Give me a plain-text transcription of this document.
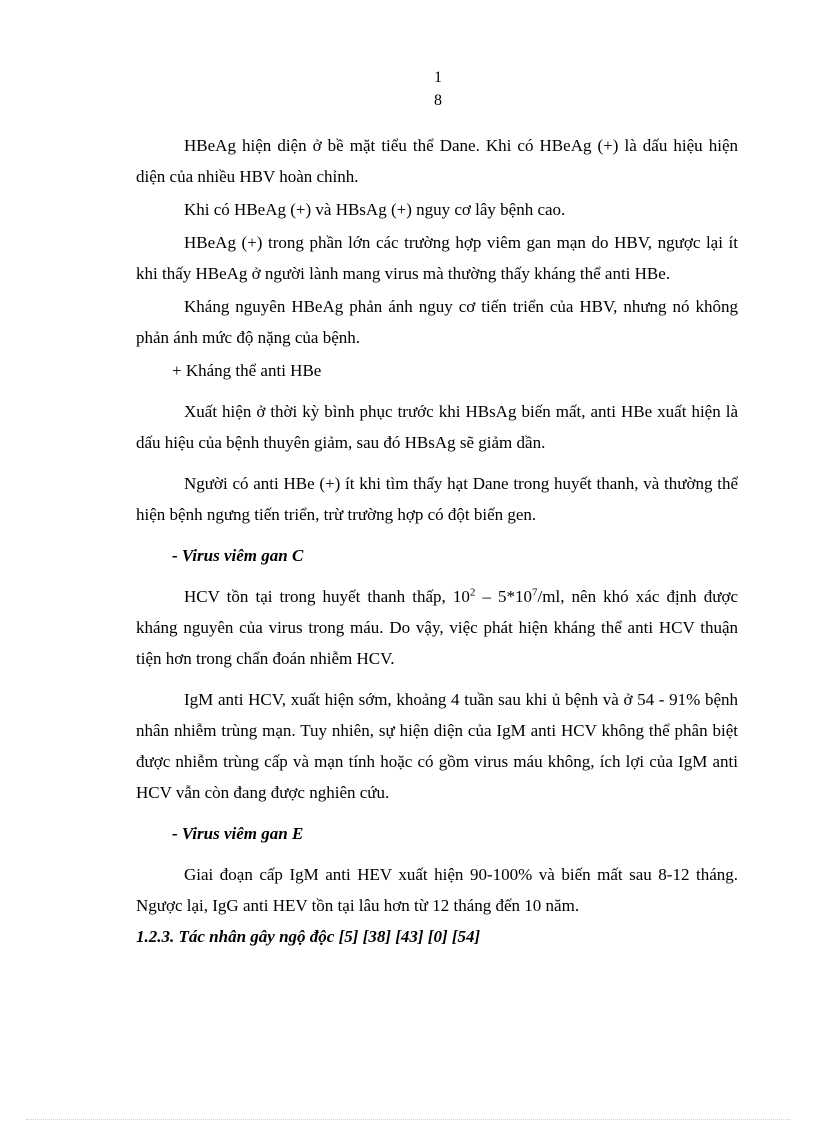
1
8

HBeAg hiện diện ở bề mặt tiểu thể Dane. Khi có HBeAg (+) là dấu hiệu hiện diện của nhiều HBV hoàn chỉnh.

Khi có HBeAg (+) và HBsAg (+) nguy cơ lây bệnh cao.

HBeAg (+) trong phần lớn các trường hợp viêm gan mạn do HBV, ngược lại ít khi thấy HBeAg ở người lành mang virus mà thường thấy kháng thể anti HBe.

Kháng nguyên HBeAg phản ánh nguy cơ tiến triển của HBV, nhưng nó không phản ánh mức độ nặng của bệnh.

+ Kháng thể anti HBe

Xuất hiện ở thời kỳ bình phục trước khi HBsAg biến mất, anti HBe xuất hiện là dấu hiệu của bệnh thuyên giảm, sau đó HBsAg sẽ giảm dần.

Người có anti HBe (+) ít khi tìm thấy hạt Dane trong huyết thanh, và thường thể hiện bệnh ngưng tiến triển, trừ trường hợp có đột biến gen.

- Virus viêm gan C

HCV tồn tại trong huyết thanh thấp, $10^2 - 5*10^7/ml$, nên khó xác định được kháng nguyên của virus trong máu. Do vậy, việc phát hiện kháng thể anti HCV thuận tiện hơn trong chẩn đoán nhiễm HCV.

IgM anti HCV, xuất hiện sớm, khoảng 4 tuần sau khi ủ bệnh và ở 54 - 91% bệnh nhân nhiễm trùng mạn. Tuy nhiên, sự hiện diện của IgM anti HCV không thể phân biệt được nhiễm trùng cấp và mạn tính hoặc có gồm virus máu không, ích lợi của IgM anti HCV vẫn còn đang được nghiên cứu.

- Virus viêm gan E

Giai đoạn cấp IgM anti HEV xuất hiện 90-100% và biến mất sau 8-12 tháng. Ngược lại, IgG anti HEV tồn tại lâu hơn từ 12 tháng đến 10 năm.

1.2.3. Tác nhân gây ngộ độc [5] [38] [43] [0] [54]
